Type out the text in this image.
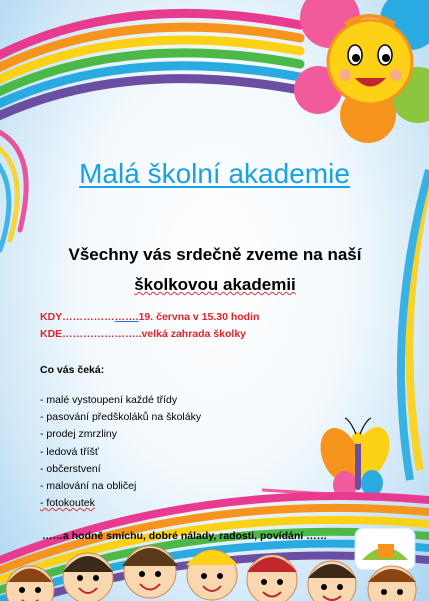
Malá školní akademie
Všechny vás srdečně zveme na naší
školkovou akademii
KDY………………….19. června v 15.30 hodin
KDE…………………..velká zahrada školky
Co vás čeká:
- malé vystoupení každé třídy
- pasování předškoláků na školáky
- prodej zmrzliny
- ledová tříšť
- občerstvení
- malování na obličej
- fotokoutek
……a hodně smíchu, dobré nálady, radosti, povídání ……
